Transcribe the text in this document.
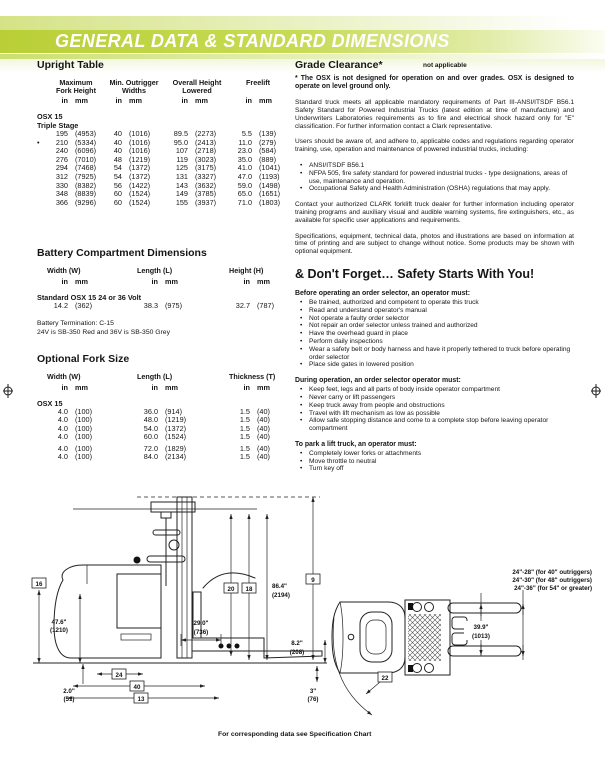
GENERAL DATA & STANDARD DIMENSIONS
Upright Table	Grade Clearance*	not applicable
	Maximum
Fork Height		Min. Outrigger
Widths		Overall Height
Lowered		Freelift	

	in	mm	in	mm	in	mm	in	mm
OSX 15								
Triple Stage								
	195	(4953)	40	(1016)	89.5	(2273)	5.5	(139)
•	210	(5334)	40	(1016)	95.0	(2413)	11.0	(279)
	240	(6096)	40	(1016)	107	(2718)	23.0	(584)
	276	(7010)	48	(1219)	119	(3023)	35.0	(889)
	294	(7468)	54	(1372)	125	(3175)	41.0	(1041)
	312	(7925)	54	(1372)	131	(3327)	47.0	(1193)
	330	(8382)	56	(1422)	143	(3632)	59.0	(1498)
	348	(8839)	60	(1524)	149	(3785)	65.0	(1651)
	366	(9296)	60	(1524)	155	(3937)	71.0	(1803)
Battery Compartment Dimensions
Width (W)		Length (L)		Height (H)	
in	mm	in	mm	in	mm
Standard OSX 15 24 or 36 Volt					
14.2	(362)	38.3	(975)	32.7	(787)
Battery Termination: C-15
24V is SB-350 Red and 36V is SB-350 Grey
Optional Fork Size
Width (W)		Length (L)		Thickness (T)	
in	mm	in	mm	in	mm
OSX 15					
4.0	(100)	36.0	(914)	1.5	(40)
4.0	(100)	48.0	(1219)	1.5	(40)
4.0	(100)	54.0	(1372)	1.5	(40)
4.0	(100)	60.0	(1524)	1.5	(40)
4.0	(100)	72.0	(1829)	1.5	(40)
4.0	(100)	84.0	(2134)	1.5	(40)

* The OSX is not designed for operation on and over grades. OSX is designed to operate on level ground only.

Standard truck meets all applicable mandatory requirements of Part III-ANSI/ITSDF B56.1 Safety Standard for Powered Industrial Trucks (latest edition at time of manufacture) and Underwriters Laboratories requirements as to fire and electrical shock hazard only for "E" classification. For further information contact a Clark representative.

Users should be aware of, and adhere to, applicable codes and regulations regarding operator training, use, operation and maintenance of powered industrial trucks, including:

•	ANSI/ITSDF B56.1
•	NFPA 505, fire safety standard for powered industrial trucks - type designations, areas of use, maintenance and operation.
•	Occupational Safety and Health Administration (OSHA) regulations that may apply.

Contact your authorized CLARK forklift truck dealer for further information including operator training programs and auxiliary visual and audible warning systems, fire extinguishers, etc., as available for specific user applications and requirements.

Specifications, equipment, technical data, photos and illustrations are based on information at time of printing and are subject to change without notice. Some products may be shown with optional equipment.

& Don't Forget… Safety Starts With You!
Before operating an order selector, an operator must:
•	Be trained, authorized and competent to operate this truck
•	Read and understand operator's manual
•	Not operate a faulty order selector
•	Not repair an order selector unless trained and authorized
•	Have the overhead guard in place
•	Perform daily inspections
•	Wear a safety belt or body harness and have it properly tethered to truck before operating order selector
•	Place side gates in lowered position
During operation, an order selector operator must:
•	Keep feet, legs and all parts of body inside operator compartment
•	Never carry or lift passengers
•	Keep truck away from people and obstructions
•	Travel with lift mechanism as low as possible
•	Allow safe stopping distance and come to a complete stop before leaving operator compartment
To park a lift truck, an operator must:
•	Completely lower forks or attachments
•	Move throttle to neutral
•	Turn key off
16
47.6"
(1210)
2.0"
(51)
24
40
13
29.0"
(736)
20 18	86.4"
(2194)
9
8.2"
(208)
3"
(76)
24"-28" (for 40" outriggers)
24"-30" (for 48" outriggers)
24"-36" (for 54" or greater)
39.9"
(1013)
22
For corresponding data see Specification Chart
